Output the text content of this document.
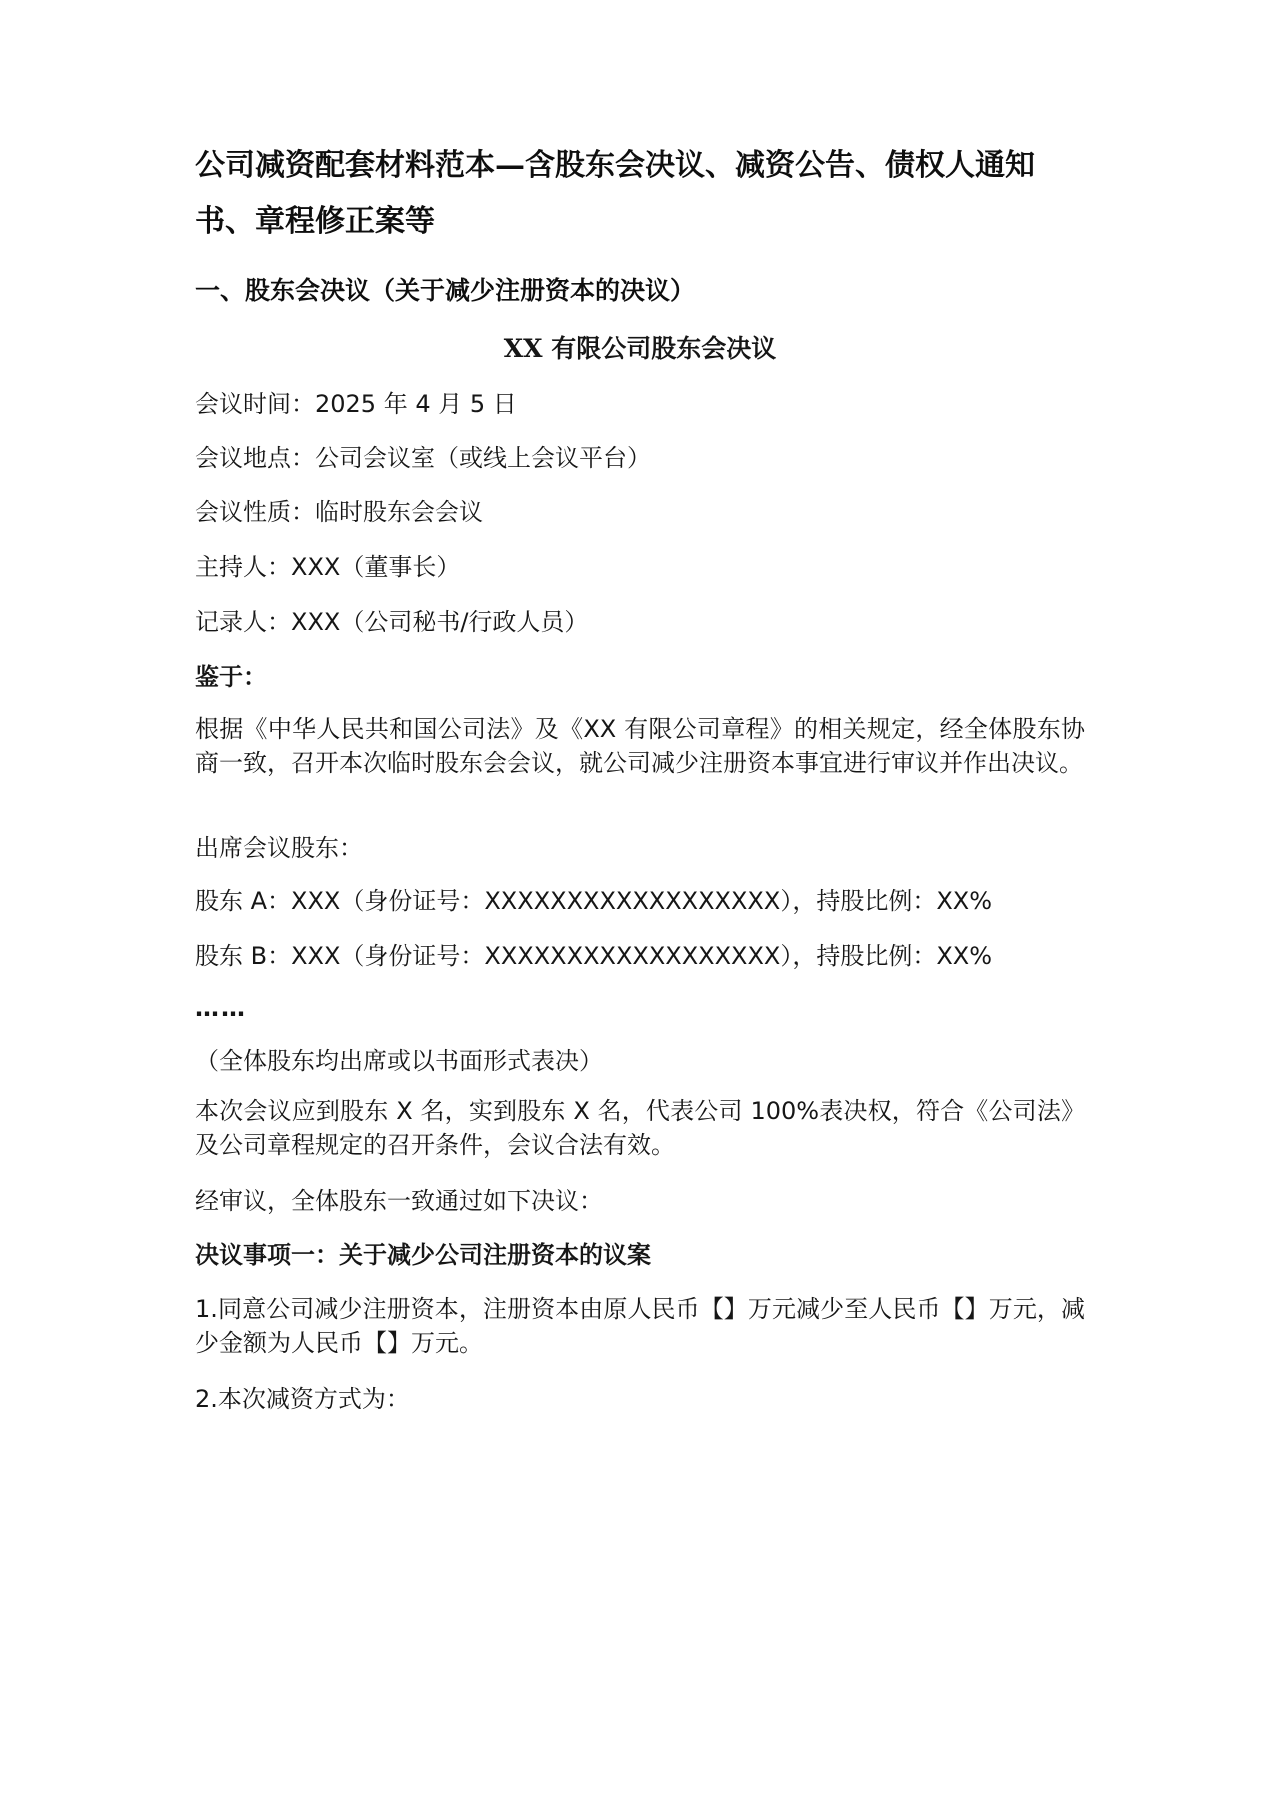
公司减资配套材料范本—含股东会决议、减资公告、债权人通知
书、章程修正案等
一、股东会决议（关于减少注册资本的决议）
XX 有限公司股东会决议
会议时间：2025 年 4 月 5 日
会议地点：公司会议室（或线上会议平台）
会议性质：临时股东会会议
主持人：XXX（董事长）
记录人：XXX（公司秘书/行政人员）
鉴于：
根据《中华人民共和国公司法》及《XX 有限公司章程》的相关规定，经全体股东协商一致，召开本次临时股东会会议，就公司减少注册资本事宜进行审议并作出决议。
出席会议股东：
股东 A：XXX（身份证号：XXXXXXXXXXXXXXXXXX），持股比例：XX%
股东 B：XXX（身份证号：XXXXXXXXXXXXXXXXXX），持股比例：XX%
……
（全体股东均出席或以书面形式表决）
本次会议应到股东 X 名，实到股东 X 名，代表公司 100%表决权，符合《公司法》及公司章程规定的召开条件，会议合法有效。
经审议，全体股东一致通过如下决议：
决议事项一：关于减少公司注册资本的议案
1.同意公司减少注册资本，注册资本由原人民币【】万元减少至人民币【】万元，减少金额为人民币【】万元。
2.本次减资方式为：
